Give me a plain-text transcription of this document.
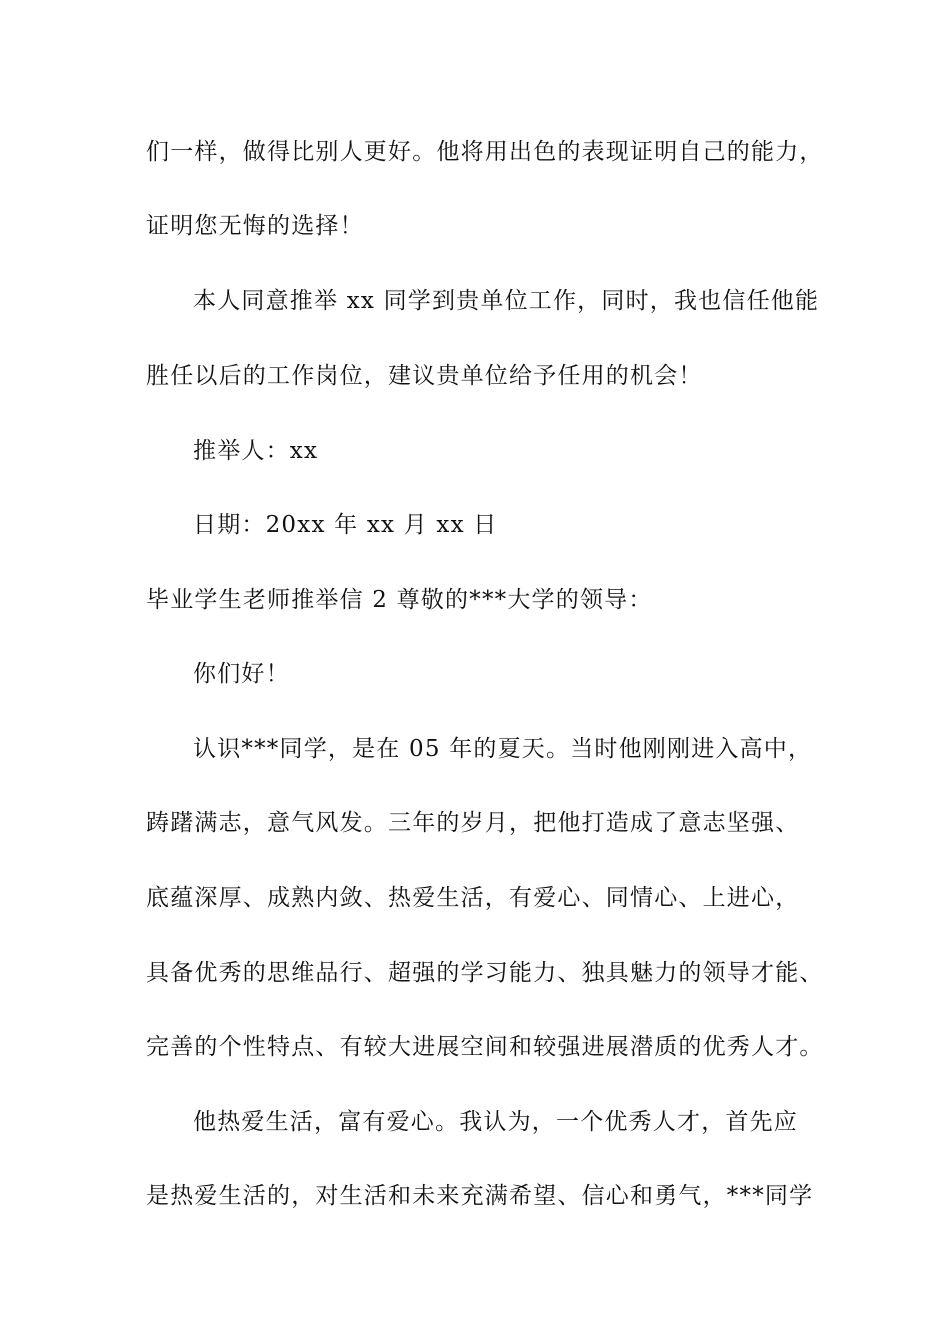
们一样，做得比别人更好。他将用出色的表现证明自己的能力，
证明您无悔的选择！
本人同意推举 xx 同学到贵单位工作，同时，我也信任他能
胜任以后的工作岗位，建议贵单位给予任用的机会！
推举人：xx
日期：20xx 年 xx 月 xx 日
毕业学生老师推举信 2 尊敬的***大学的领导：
你们好！
认识***同学，是在 05 年的夏天。当时他刚刚进入高中，
踌躇满志，意气风发。三年的岁月，把他打造成了意志坚强、
底蕴深厚、成熟内敛、热爱生活，有爱心、同情心、上进心，
具备优秀的思维品行、超强的学习能力、独具魅力的领导才能、
完善的个性特点、有较大进展空间和较强进展潜质的优秀人才。
他热爱生活，富有爱心。我认为，一个优秀人才，首先应
是热爱生活的，对生活和未来充满希望、信心和勇气，***同学
